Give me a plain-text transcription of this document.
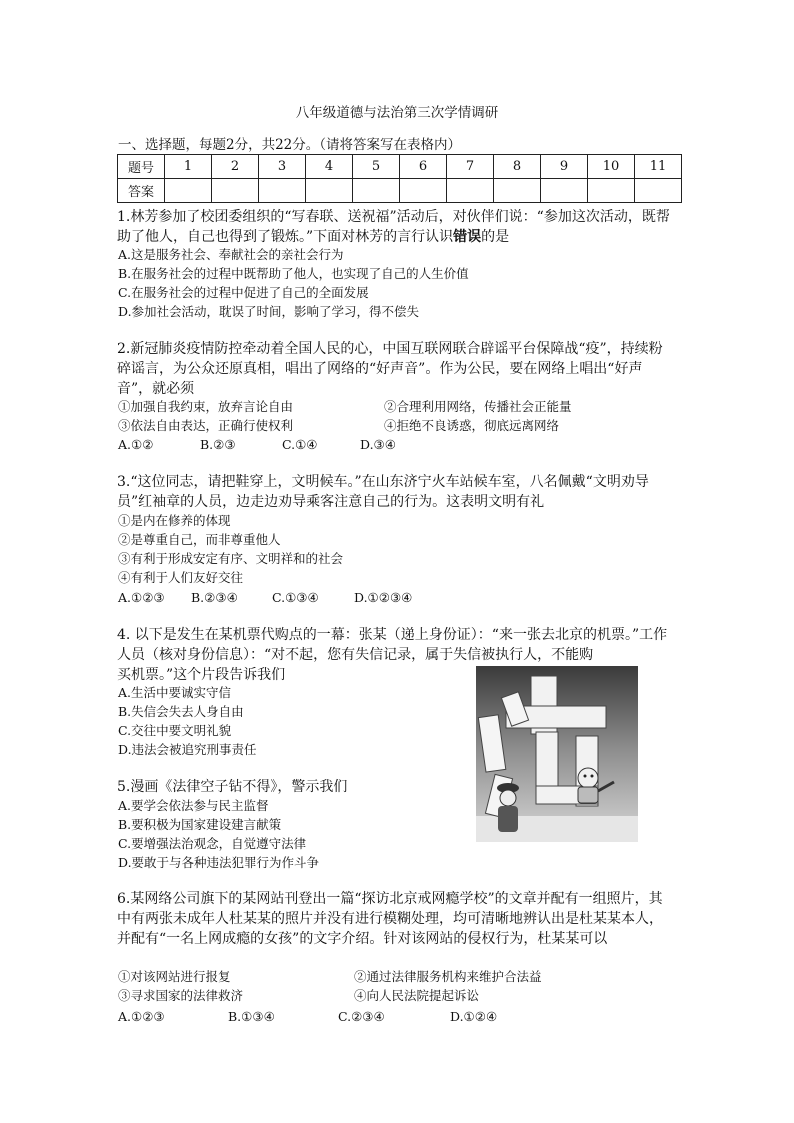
八年级道德与法治第三次学情调研
一、选择题，每题2分，共22分。（请将答案写在表格内）
题号	1	2	3	4	5	6	7	8	9	10	11
答案											
1.林芳参加了校团委组织的“写春联、送祝福”活动后，对伙伴们说：“参加这次活动，既帮助了他人，自己也得到了锻炼。”下面对林芳的言行认识错误的是
A.这是服务社会、奉献社会的亲社会行为
B.在服务社会的过程中既帮助了他人，也实现了自己的人生价值
C.在服务社会的过程中促进了自己的全面发展
D.参加社会活动，耽误了时间，影响了学习，得不偿失
2.新冠肺炎疫情防控牵动着全国人民的心，中国互联网联合辟谣平台保障战“疫”，持续粉碎谣言，为公众还原真相，唱出了网络的“好声音”。作为公民，要在网络上唱出“好声音”，就必须
①加强自我约束，放弃言论自由	②合理利用网络，传播社会正能量
③依法自由表达，正确行使权利	④拒绝不良诱惑，彻底远离网络
A.①②	B.②③	C.①④	D.③④
3.“这位同志，请把鞋穿上，文明候车。”在山东济宁火车站候车室，八名佩戴“文明劝导员”红袖章的人员，边走边劝导乘客注意自己的行为。这表明文明有礼
①是内在修养的体现
②是尊重自己，而非尊重他人
③有利于形成安定有序、文明祥和的社会
④有利于人们友好交往
A.①②③ B.②③④	C.①③④	D.①②③④
4. 以下是发生在某机票代购点的一幕：张某（递上身份证）：“来一张去北京的机票。”工作人员（核对身份信息）：“对不起，您有失信记录，属于失信被执行人，不能购
买机票。”这个片段告诉我们
A.生活中要诚实守信
B.失信会失去人身自由
C.交往中要文明礼貌
D.违法会被追究刑事责任
5.漫画《法律空子钻不得》，警示我们
A.要学会依法参与民主监督
B.要积极为国家建设建言献策
C.要增强法治观念，自觉遵守法律
D.要敢于与各种违法犯罪行为作斗争
6.某网络公司旗下的某网站刊登出一篇“探访北京戒网瘾学校”的文章并配有一组照片，其中有两张未成年人杜某某的照片并没有进行模糊处理，均可清晰地辨认出是杜某某本人，并配有“一名上网成瘾的女孩”的文字介绍。针对该网站的侵权行为，杜某某可以
①对该网站进行报复	②通过法律服务机构来维护合法益
③寻求国家的法律救济	④向人民法院提起诉讼
A.①②③	B.①③④	C.②③④	D.①②④
